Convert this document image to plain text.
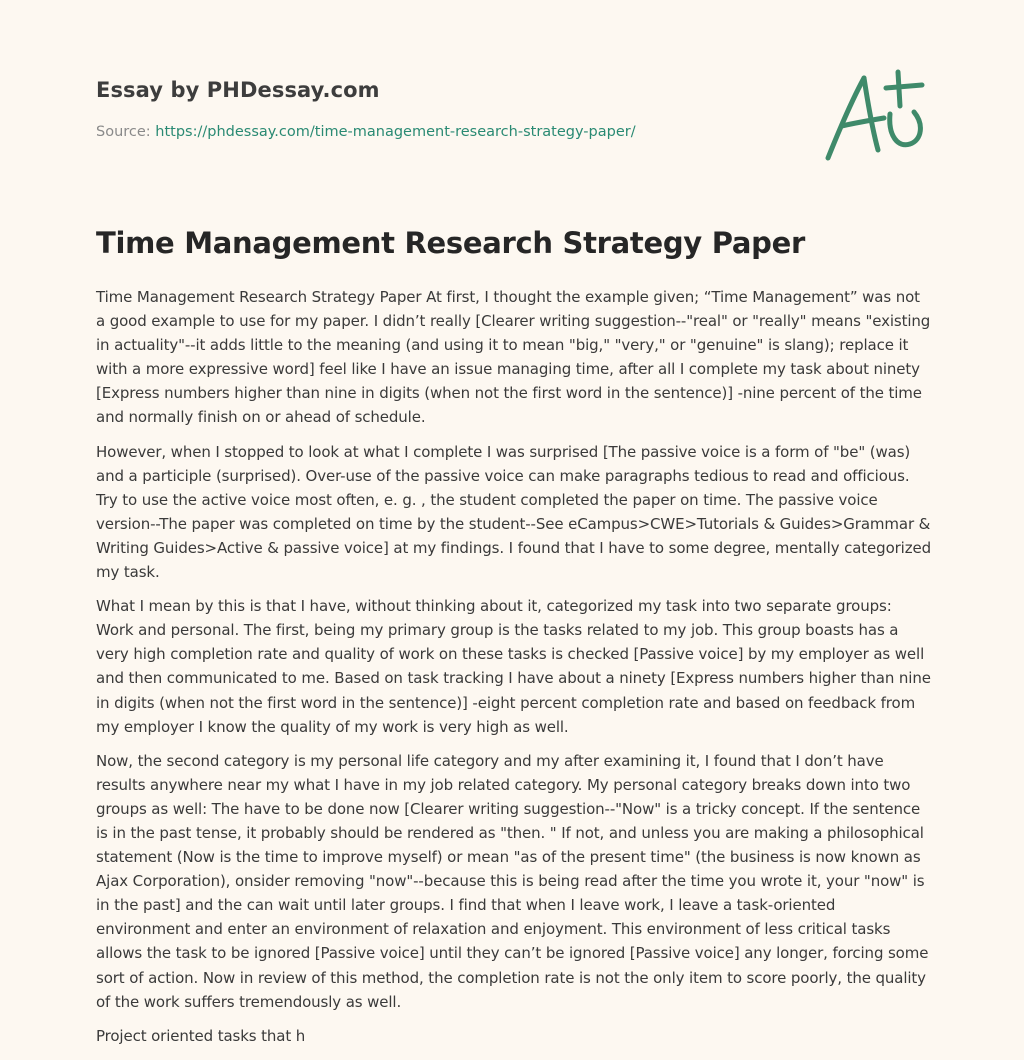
Essay by PHDessay.com
Source: https://phdessay.com/time-management-research-strategy-paper/
Time Management Research Strategy Paper

Time Management Research Strategy Paper At first, I thought the example given; “Time Management” was not a good example to use for my paper. I didn’t really [Clearer writing suggestion--"real" or "really" means "existing in actuality"--it adds little to the meaning (and using it to mean "big," "very," or "genuine" is slang); replace it with a more expressive word] feel like I have an issue managing time, after all I complete my task about ninety [Express numbers higher than nine in digits (when not the first word in the sentence)] -nine percent of the time and normally finish on or ahead of schedule.

However, when I stopped to look at what I complete I was surprised [The passive voice is a form of "be" (was) and a participle (surprised). Over-use of the passive voice can make paragraphs tedious to read and officious. Try to use the active voice most often, e. g. , the student completed the paper on time. The passive voice version--The paper was completed on time by the student--See eCampus>CWE>Tutorials & Guides>Grammar & Writing Guides>Active & passive voice] at my findings. I found that I have to some degree, mentally categorized my task.

What I mean by this is that I have, without thinking about it, categorized my task into two separate groups: Work and personal. The first, being my primary group is the tasks related to my job. This group boasts has a very high completion rate and quality of work on these tasks is checked [Passive voice] by my employer as well and then communicated to me. Based on task tracking I have about a ninety [Express numbers higher than nine in digits (when not the first word in the sentence)] -eight percent completion rate and based on feedback from my employer I know the quality of my work is very high as well.

Now, the second category is my personal life category and my after examining it, I found that I don’t have results anywhere near my what I have in my job related category. My personal category breaks down into two groups as well: The have to be done now [Clearer writing suggestion--"Now" is a tricky concept. If the sentence is in the past tense, it probably should be rendered as "then. " If not, and unless you are making a philosophical statement (Now is the time to improve myself) or mean "as of the present time" (the business is now known as Ajax Corporation), onsider removing "now"--because this is being read after the time you wrote it, your "now" is in the past] and the can wait until later groups. I find that when I leave work, I leave a task-oriented environment and enter an environment of relaxation and enjoyment. This environment of less critical tasks allows the task to be ignored [Passive voice] until they can’t be ignored [Passive voice] any longer, forcing some sort of action. Now in review of this method, the completion rate is not the only item to score poorly, the quality of the work suffers tremendously as well.

Project oriented tasks that h
